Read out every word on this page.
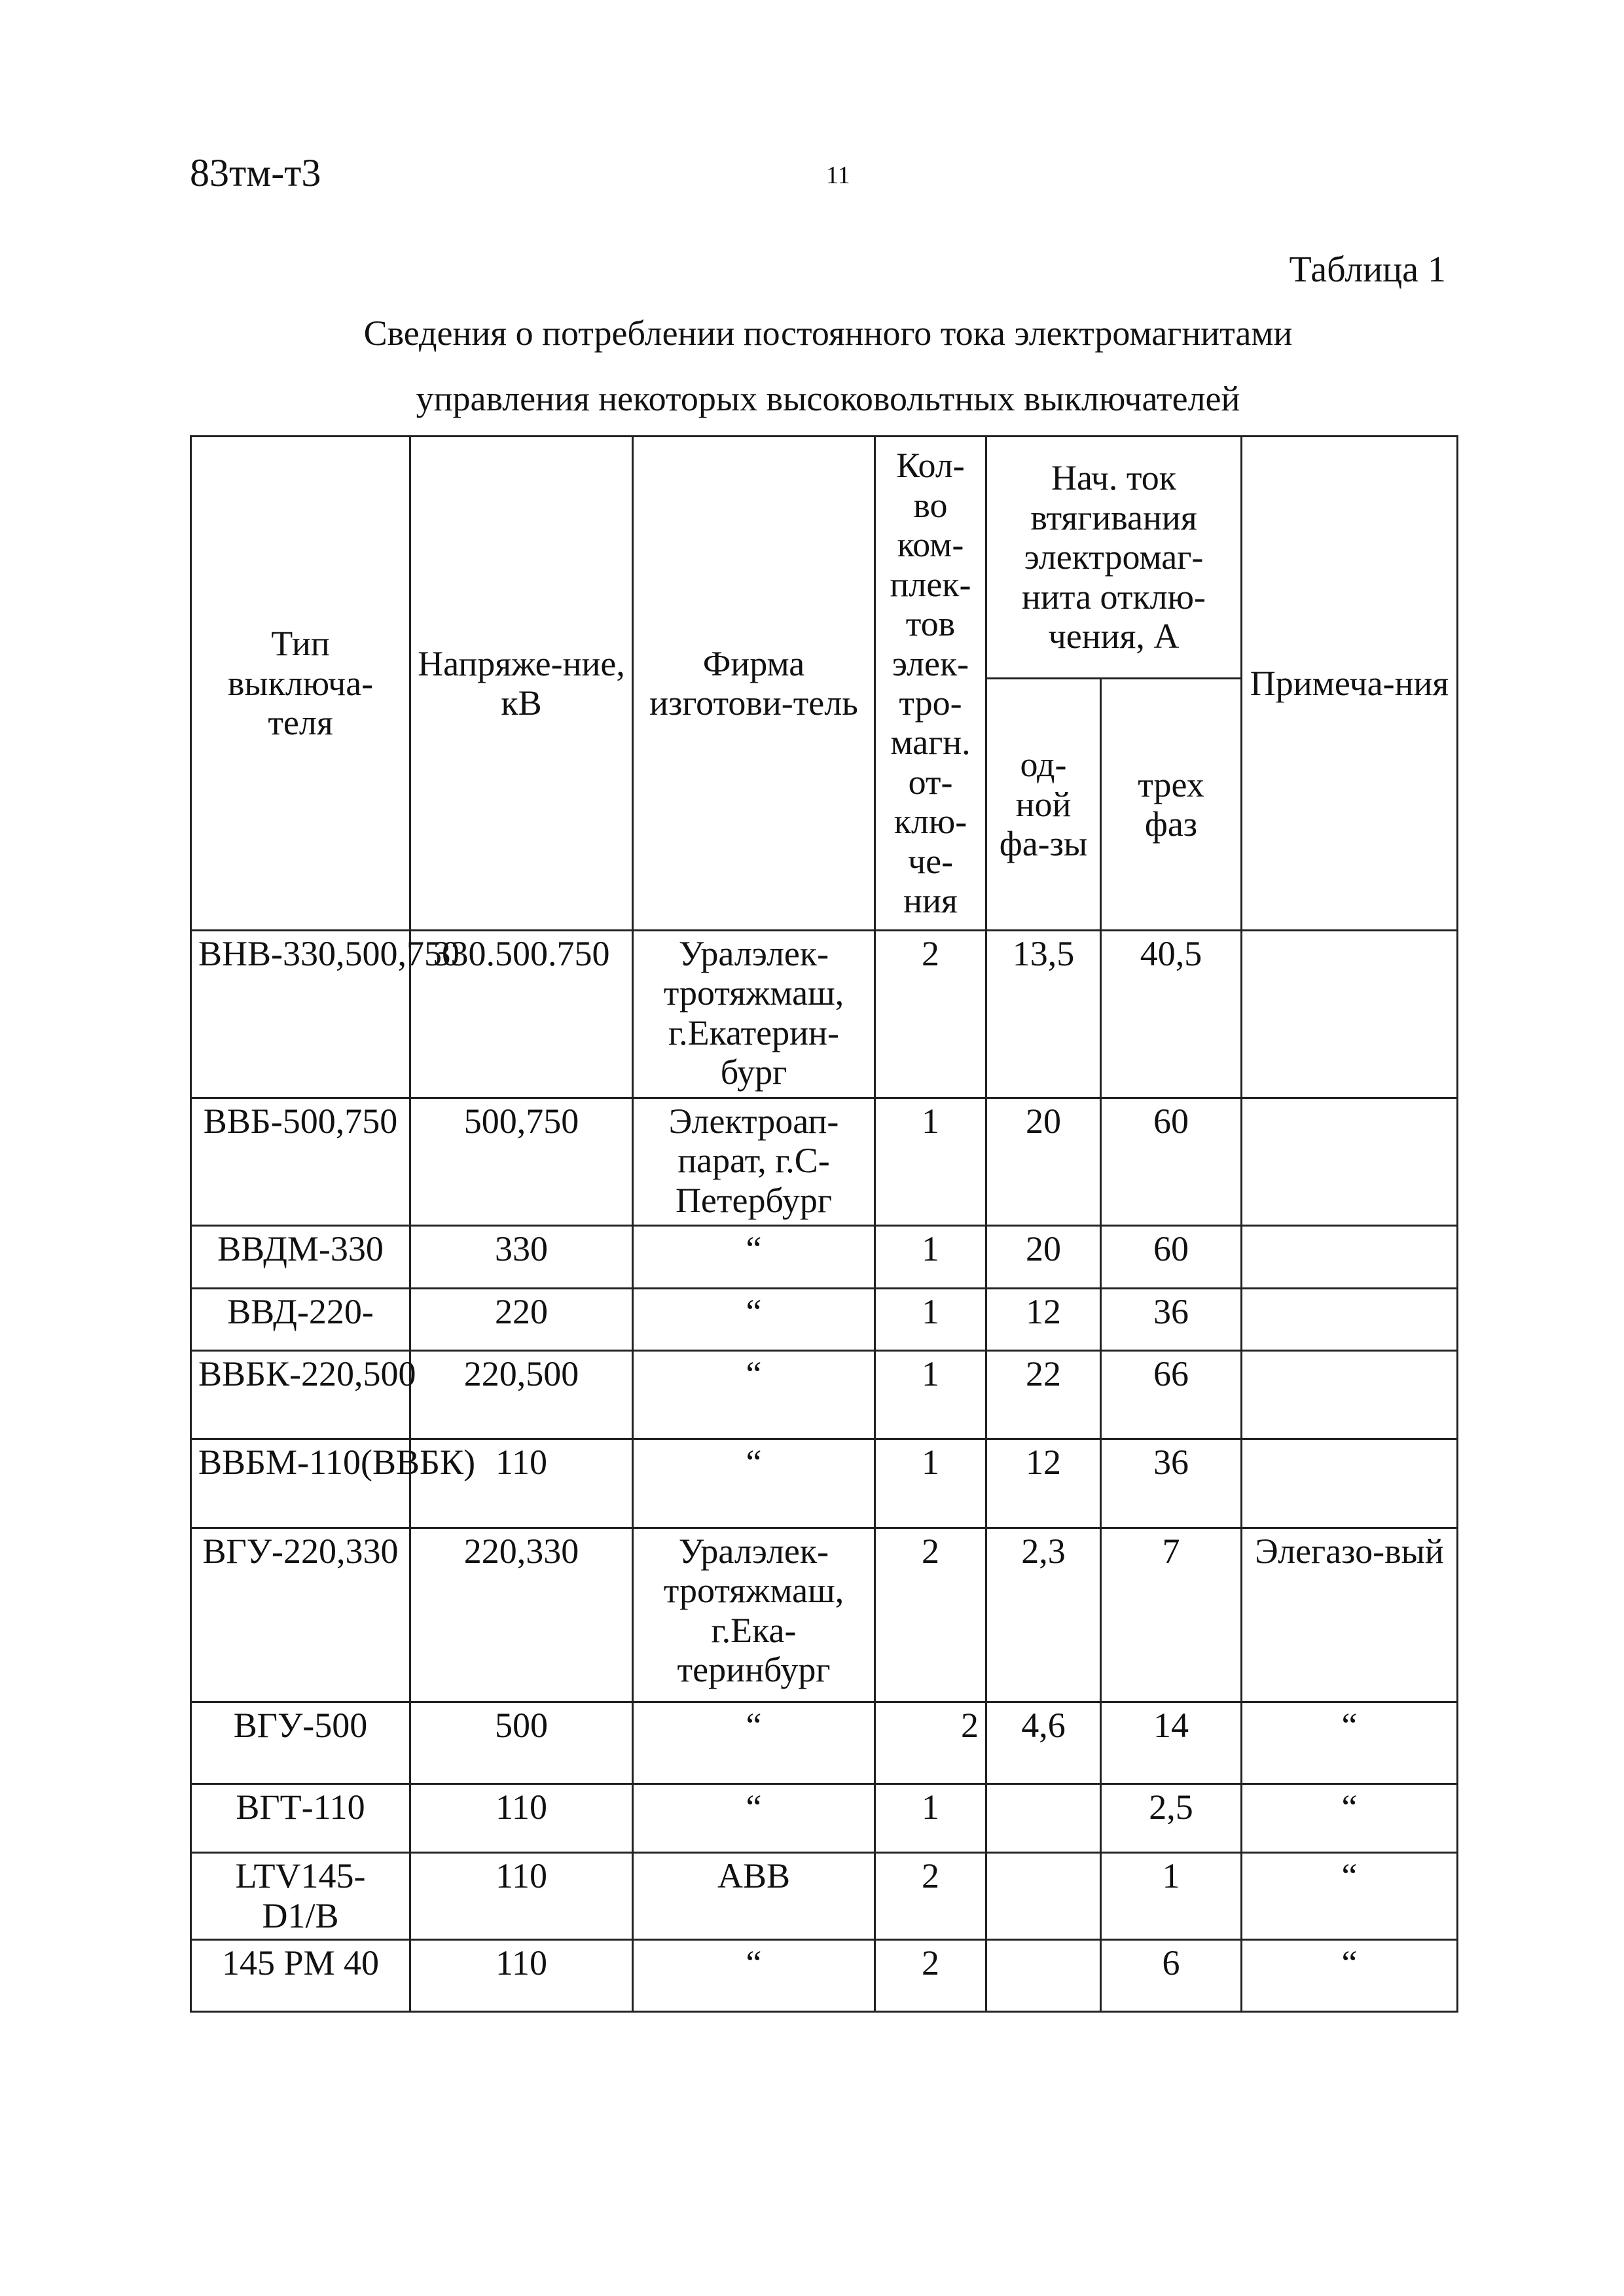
83тм-т3	11
Таблица 1
Сведения о потреблении постоянного тока электромагнитами
управления некоторых высоковольтных выключателей
Тип выключа-теля	Напряже-ние, кВ	Фирма изготови-тель	Кол-во ком-плек-тов элек-тро-магн. от-клю-че-ния	Нач. ток втягивания электромаг-нита отклю-чения, А		Примеча-ния
				од-ной фа-зы	трех фаз	
ВНВ-330,500,750	330.500.750	Уралэлек-тротяжмаш, г.Екатерин-бург	2	13,5	40,5	
ВВБ-500,750	500,750	Электроап-парат, г.С-Петербург	1	20	60	
ВВДМ-330	330	“	1	20	60	
ВВД-220-	220	“	1	12	36	
ВВБК-220,500	220,500	“	1	22	66	
ВВБМ-110(ВВБК)	110	“	1	12	36	
ВГУ-220,330	220,330	Уралэлек-тротяжмаш, г.Ека-теринбург	2	2,3	7	Элегазо-вый
ВГУ-500	500	“	2	4,6	14	“
ВГТ-110	110	“	1		2,5	“
LTV145-D1/B	110	ABB	2		1	“
145 PM 40	110	“	2		6	“
